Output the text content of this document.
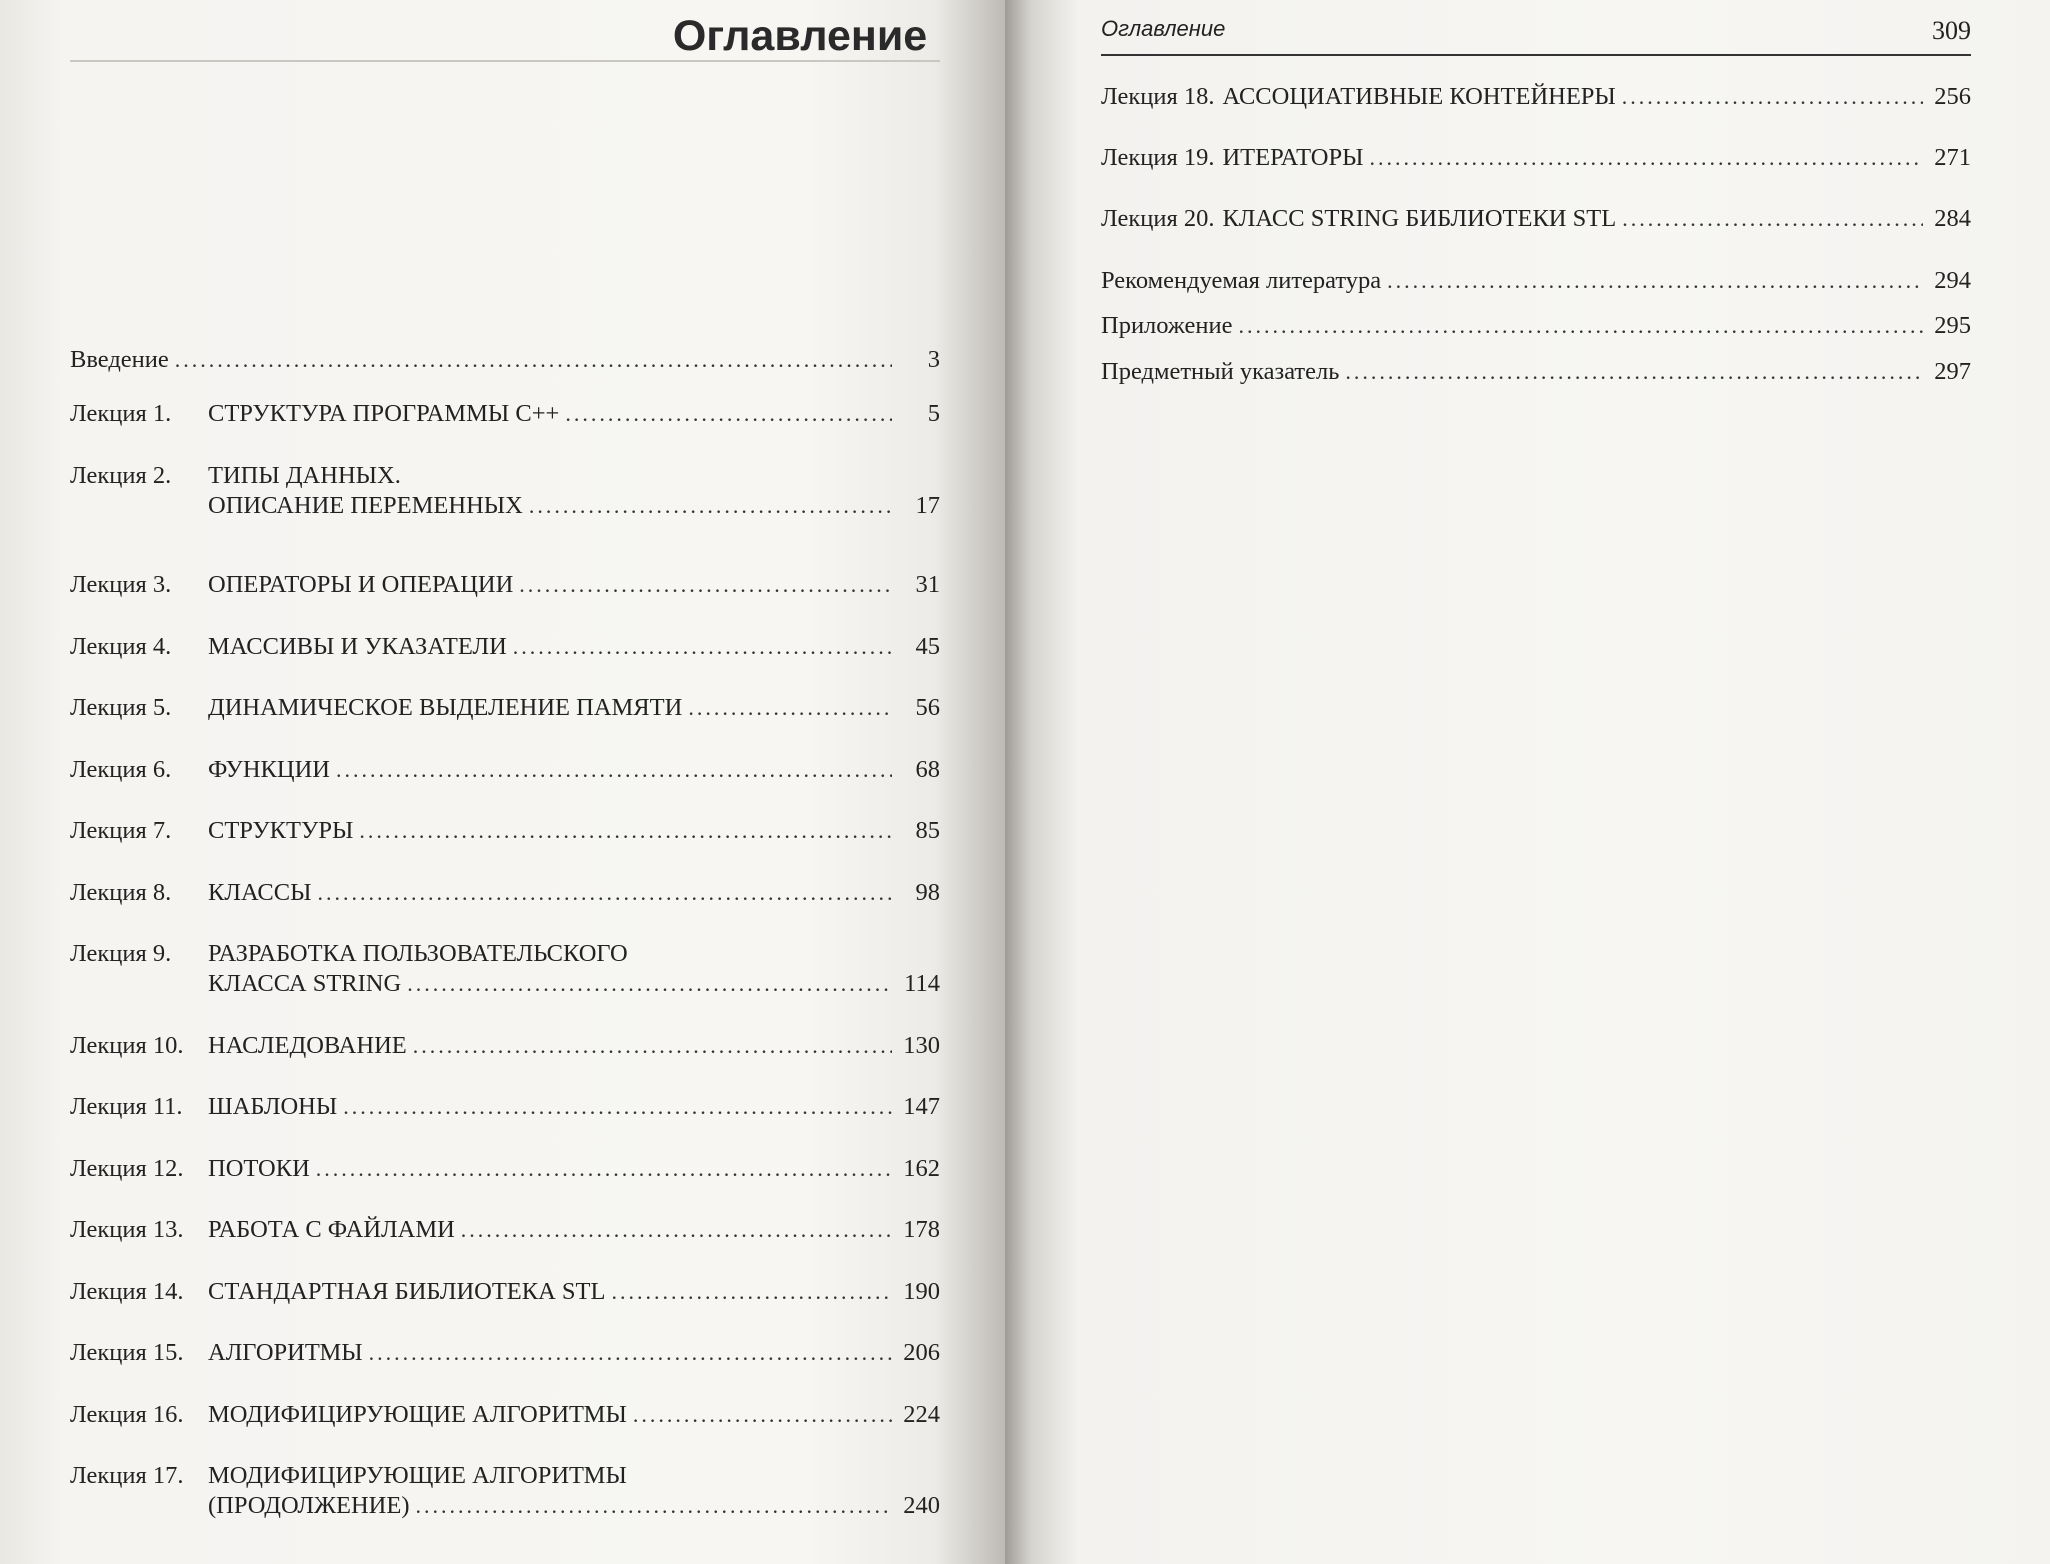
Оглавление
Введение .....	3
Лекция 1.	СТРУКТУРА ПРОГРАММЫ С++ .....	5
Лекция 2.	ТИПЫ ДАННЫХ.
ОПИСАНИЕ ПЕРЕМЕННЫХ .....	17
Лекция 3.	ОПЕРАТОРЫ И ОПЕРАЦИИ .....	31
Лекция 4.	МАССИВЫ И УКАЗАТЕЛИ .....	45
Лекция 5.	ДИНАМИЧЕСКОЕ ВЫДЕЛЕНИЕ ПАМЯТИ .....	56
Лекция 6.	ФУНКЦИИ .....	68
Лекция 7.	СТРУКТУРЫ .....	85
Лекция 8.	КЛАССЫ .....	98
Лекция 9.	РАЗРАБОТКА ПОЛЬЗОВАТЕЛЬСКОГО
КЛАССА STRING .....	114
Лекция 10.	НАСЛЕДОВАНИЕ .....	130
Лекция 11.	ШАБЛОНЫ .....	147
Лекция 12.	ПОТОКИ .....	162
Лекция 13.	РАБОТА С ФАЙЛАМИ .....	178
Лекция 14.	СТАНДАРТНАЯ БИБЛИОТЕКА STL .....	190
Лекция 15.	АЛГОРИТМЫ .....	206
Лекция 16.	МОДИФИЦИРУЮЩИЕ АЛГОРИТМЫ .....	224
Лекция 17.	МОДИФИЦИРУЮЩИЕ АЛГОРИТМЫ
(ПРОДОЛЖЕНИЕ) .....	240
Оглавление	309
Лекция 18. АССОЦИАТИВНЫЕ КОНТЕЙНЕРЫ .....	256
Лекция 19. ИТЕРАТОРЫ .....	271
Лекция 20. КЛАСС STRING БИБЛИОТЕКИ STL .....	284
Рекомендуемая литература .....	294
Приложение .....	295
Предметный указатель .....	297
